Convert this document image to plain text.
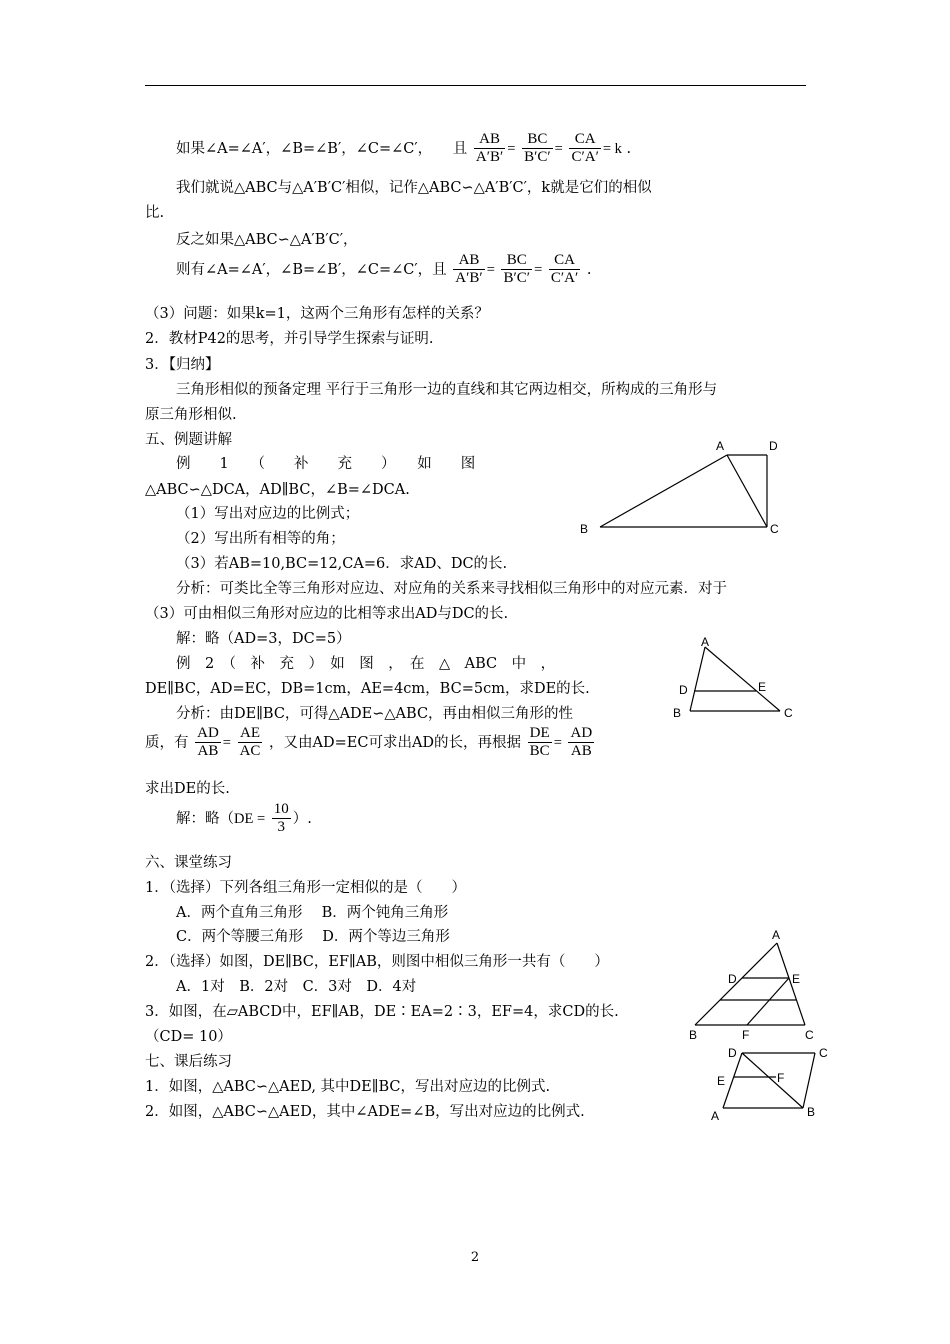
如果∠A=∠A′，∠B=∠B′，∠C=∠C′， 且 $\frac{AB}{A'B'} = \frac{BC}{B'C'} = \frac{CA}{C'A'} = k$ .
我们就说△ABC与△A′B′C′相似，记作△ABC∽△A′B′C′，k就是它们的相似
比.
反之如果△ABC∽△A′B′C′，
则有∠A=∠A′，∠B=∠B′，∠C=∠C′，且 $\frac{AB}{A'B'} = \frac{BC}{B'C'} = \frac{CA}{C'A'}$ .
（3）问题：如果k=1，这两个三角形有怎样的关系？
2．教材P42的思考，并引导学生探索与证明.
3．【归纳】
三角形相似的预备定理 平行于三角形一边的直线和其它两边相交，所构成的三角形与
原三角形相似.
五、例题讲解
例　　1　　（　　补　　充　　）　　如　　图
△ABC∽△DCA，AD∥BC，∠B=∠DCA.
（1）写出对应边的比例式；
（2）写出所有相等的角；
（3）若AB=10,BC=12,CA=6．求AD、DC的长.
分析：可类比全等三角形对应边、对应角的关系来寻找相似三角形中的对应元素．对于
（3）可由相似三角形对应边的比相等求出AD与DC的长.
解：略（AD=3，DC=5）
例　2　（　补　充　）　如　图　，　在　△　ABC　中　，
DE∥BC，AD=EC，DB=1cm，AE=4cm，BC=5cm，求DE的长.
分析：由DE∥BC，可得△ADE∽△ABC，再由相似三角形的性
质，有 $\frac{AD}{AB} = \frac{AE}{AC}$ ，又由AD=EC可求出AD的长，再根据 $\frac{DE}{BC} = \frac{AD}{AB}$
求出DE的长.
解：略（$DE = \frac{10}{3}$ ）.
六、课堂练习
1．（选择）下列各组三角形一定相似的是（　　）
A．两个直角三角形　 B．两个钝角三角形
C．两个等腰三角形　 D．两个等边三角形
2．（选择）如图，DE∥BC，EF∥AB，则图中相似三角形一共有（　　）
A．1对　B．2对　C．3对　D．4对
3．如图，在▱ABCD中，EF∥AB，DE∶EA=2∶3，EF=4，求CD的长.
（CD= 10）
七、课后练习
1．如图，△ABC∽△AED, 其中DE∥BC，写出对应边的比例式.
2．如图，△ABC∽△AED，其中∠ADE=∠B，写出对应边的比例式.
A	D
B	C
A
D	E
B	C
A
D	E
B	F	C
D	C
E	F
A	B
2
